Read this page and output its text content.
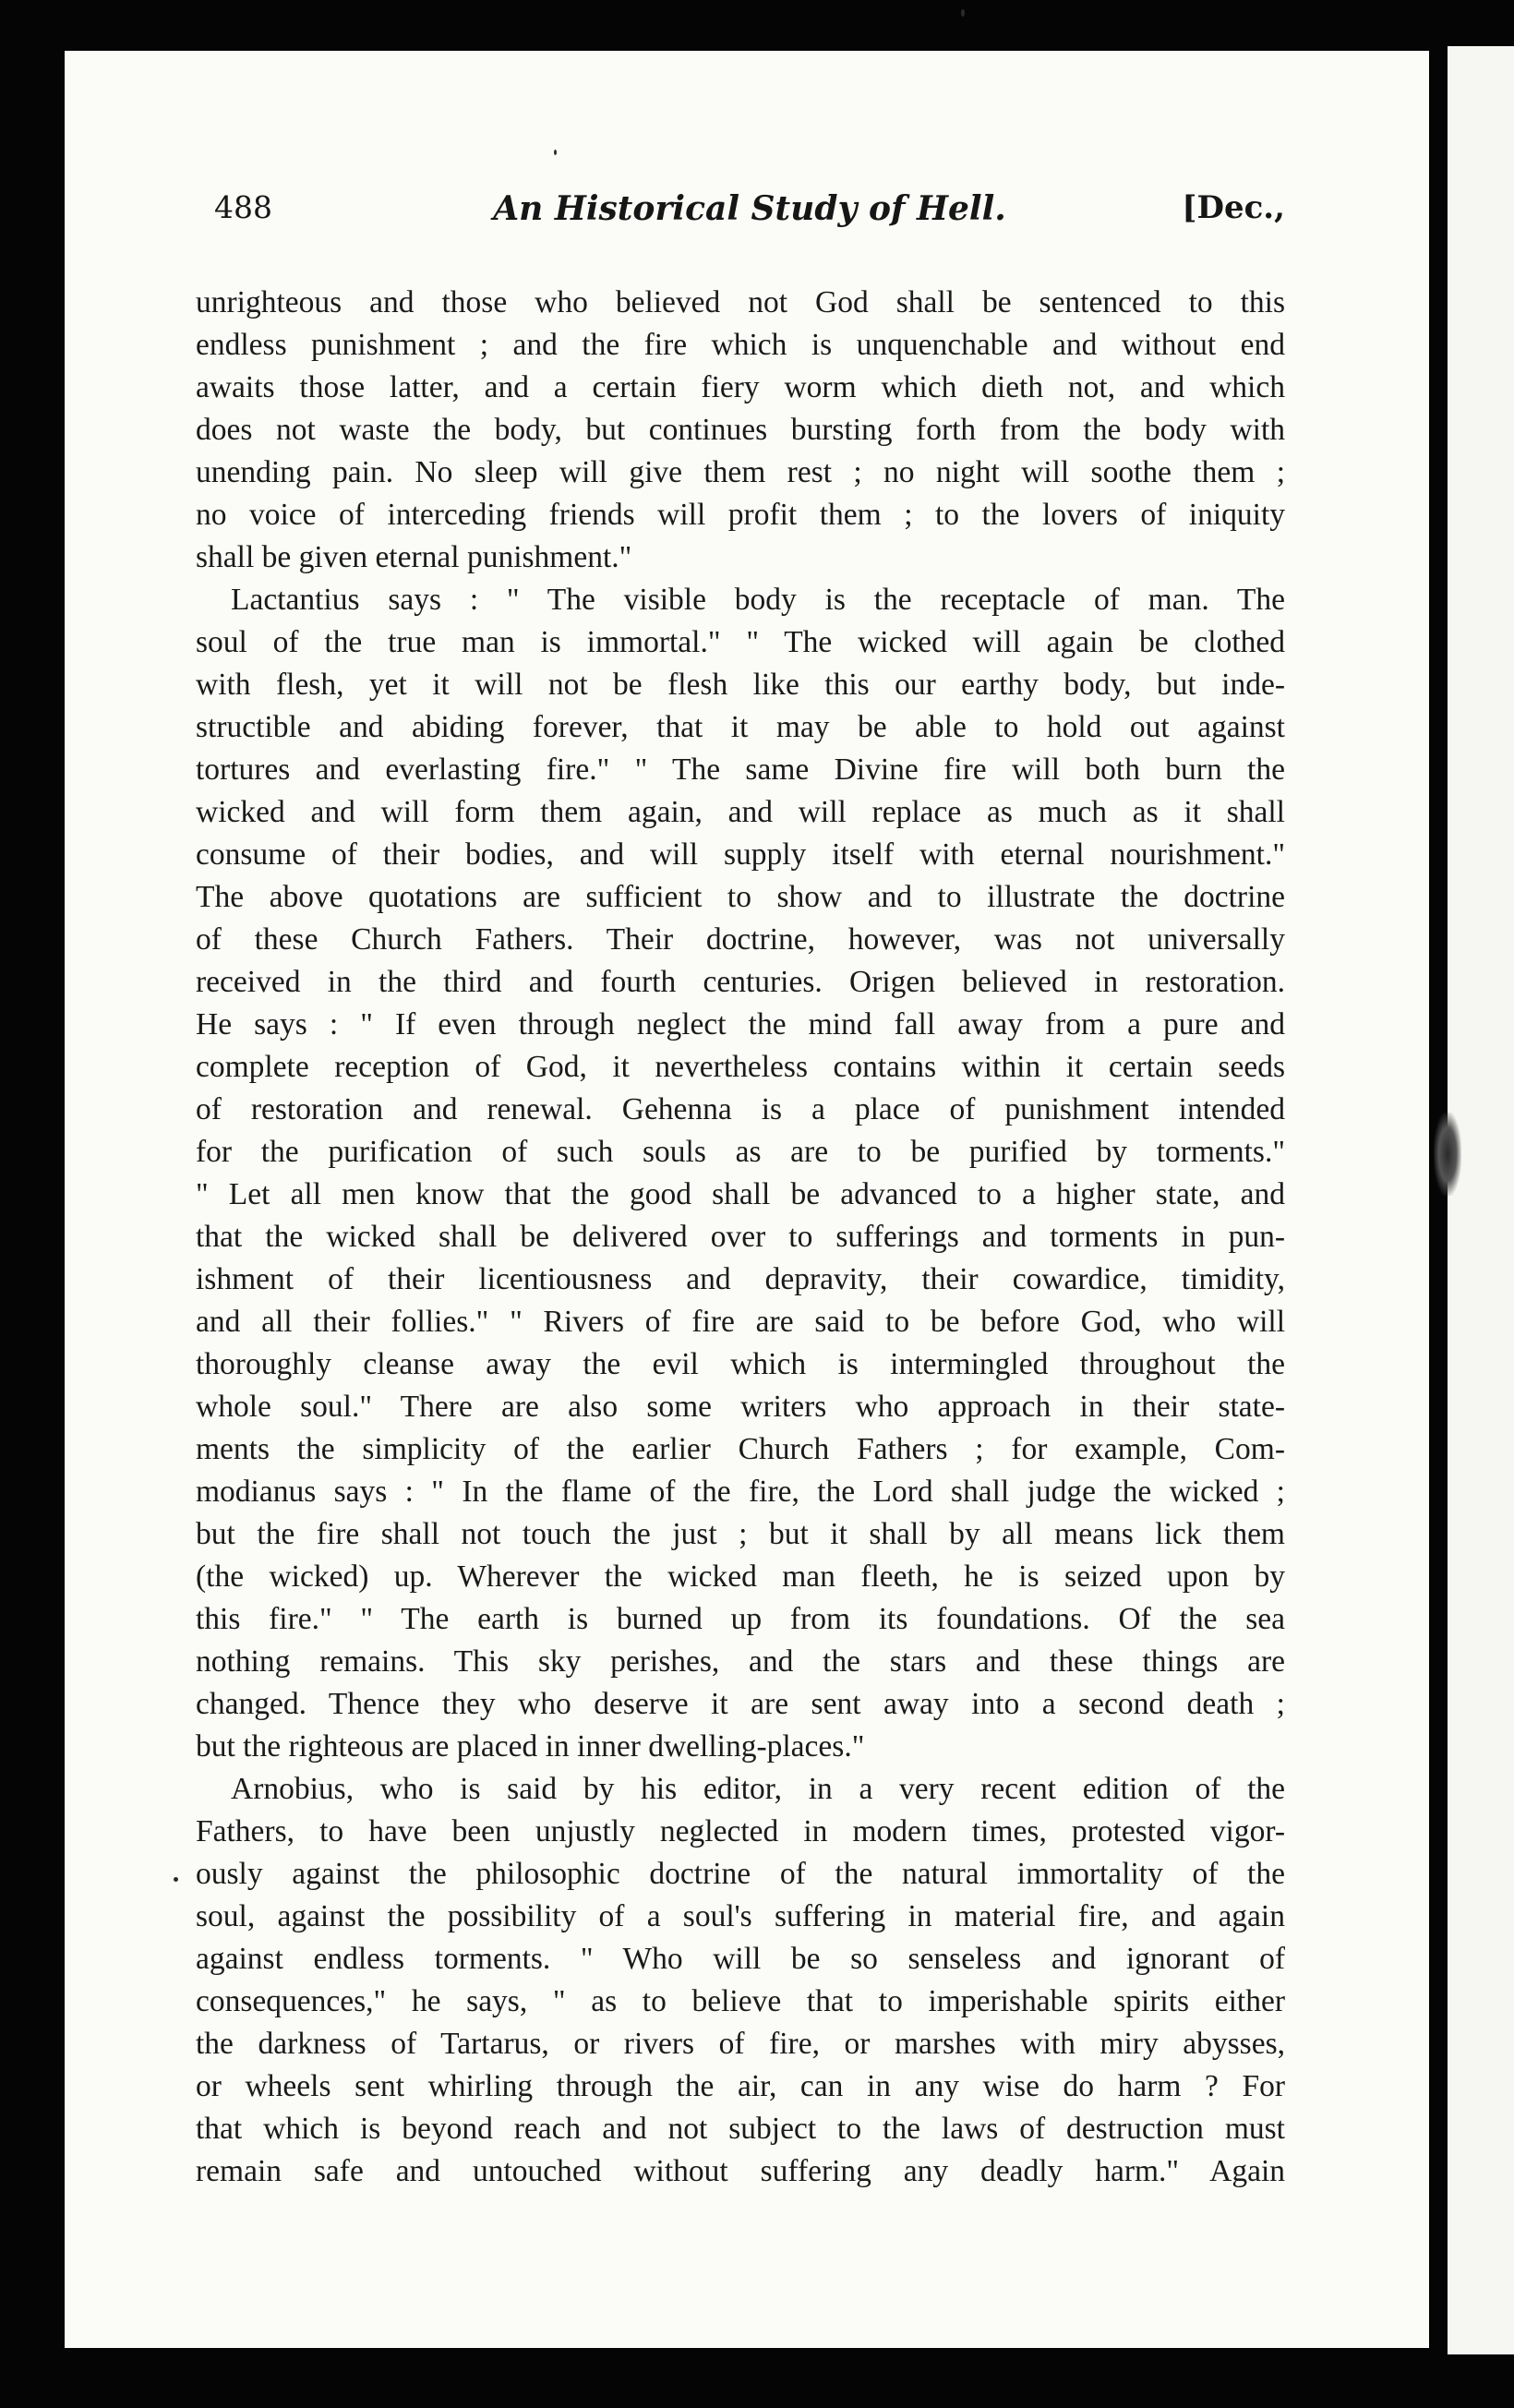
488	An Historical Study of Hell.	[Dec.,
unrighteous and those who believed not God shall be sentenced to this
endless punishment ; and the fire which is unquenchable and without end
awaits those latter, and a certain fiery worm which dieth not, and which
does not waste the body, but continues bursting forth from the body with
unending pain. No sleep will give them rest ; no night will soothe them ;
no voice of interceding friends will profit them ; to the lovers of iniquity
shall be given eternal punishment."
Lactantius says : " The visible body is the receptacle of man. The
soul of the true man is immortal." " The wicked will again be clothed
with flesh, yet it will not be flesh like this our earthy body, but inde-
structible and abiding forever, that it may be able to hold out against
tortures and everlasting fire." " The same Divine fire will both burn the
wicked and will form them again, and will replace as much as it shall
consume of their bodies, and will supply itself with eternal nourishment."
The above quotations are sufficient to show and to illustrate the doctrine
of these Church Fathers. Their doctrine, however, was not universally
received in the third and fourth centuries. Origen believed in restoration.
He says : " If even through neglect the mind fall away from a pure and
complete reception of God, it nevertheless contains within it certain seeds
of restoration and renewal. Gehenna is a place of punishment intended
for the purification of such souls as are to be purified by torments."
" Let all men know that the good shall be advanced to a higher state, and
that the wicked shall be delivered over to sufferings and torments in pun-
ishment of their licentiousness and depravity, their cowardice, timidity,
and all their follies." " Rivers of fire are said to be before God, who will
thoroughly cleanse away the evil which is intermingled throughout the
whole soul." There are also some writers who approach in their state-
ments the simplicity of the earlier Church Fathers ; for example, Com-
modianus says : " In the flame of the fire, the Lord shall judge the wicked ;
but the fire shall not touch the just ; but it shall by all means lick them
(the wicked) up. Wherever the wicked man fleeth, he is seized upon by
this fire." " The earth is burned up from its foundations. Of the sea
nothing remains. This sky perishes, and the stars and these things are
changed. Thence they who deserve it are sent away into a second death ;
but the righteous are placed in inner dwelling-places."
Arnobius, who is said by his editor, in a very recent edition of the
Fathers, to have been unjustly neglected in modern times, protested vigor-
ously against the philosophic doctrine of the natural immortality of the
soul, against the possibility of a soul's suffering in material fire, and again
against endless torments. " Who will be so senseless and ignorant of
consequences," he says, " as to believe that to imperishable spirits either
the darkness of Tartarus, or rivers of fire, or marshes with miry abysses,
or wheels sent whirling through the air, can in any wise do harm ? For
that which is beyond reach and not subject to the laws of destruction must
remain safe and untouched without suffering any deadly harm." Again
